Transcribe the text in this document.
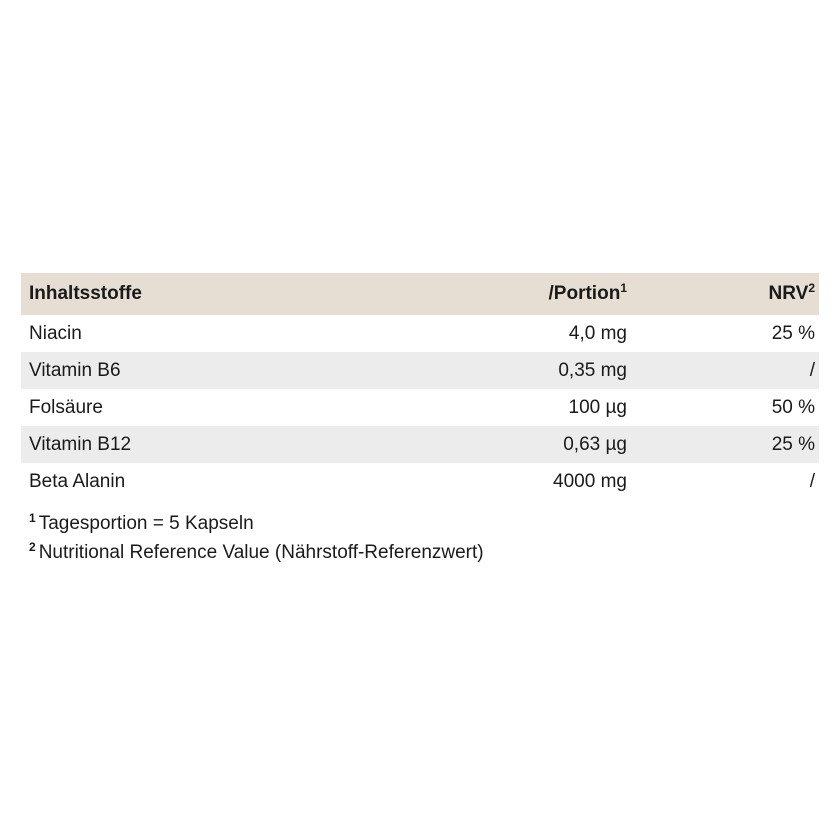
Inhaltsstoffe	/Portion$^1$	NRV$^2$
Niacin	4,0 mg	25 %
Vitamin B6	0,35 mg	/
Folsäure	100 µg	50 %
Vitamin B12	0,63 µg	25 %
Beta Alanin	4000 mg	/
$^1$ Tagesportion = 5 Kapseln
$^2$ Nutritional Reference Value (Nährstoff-Referenzwert)
